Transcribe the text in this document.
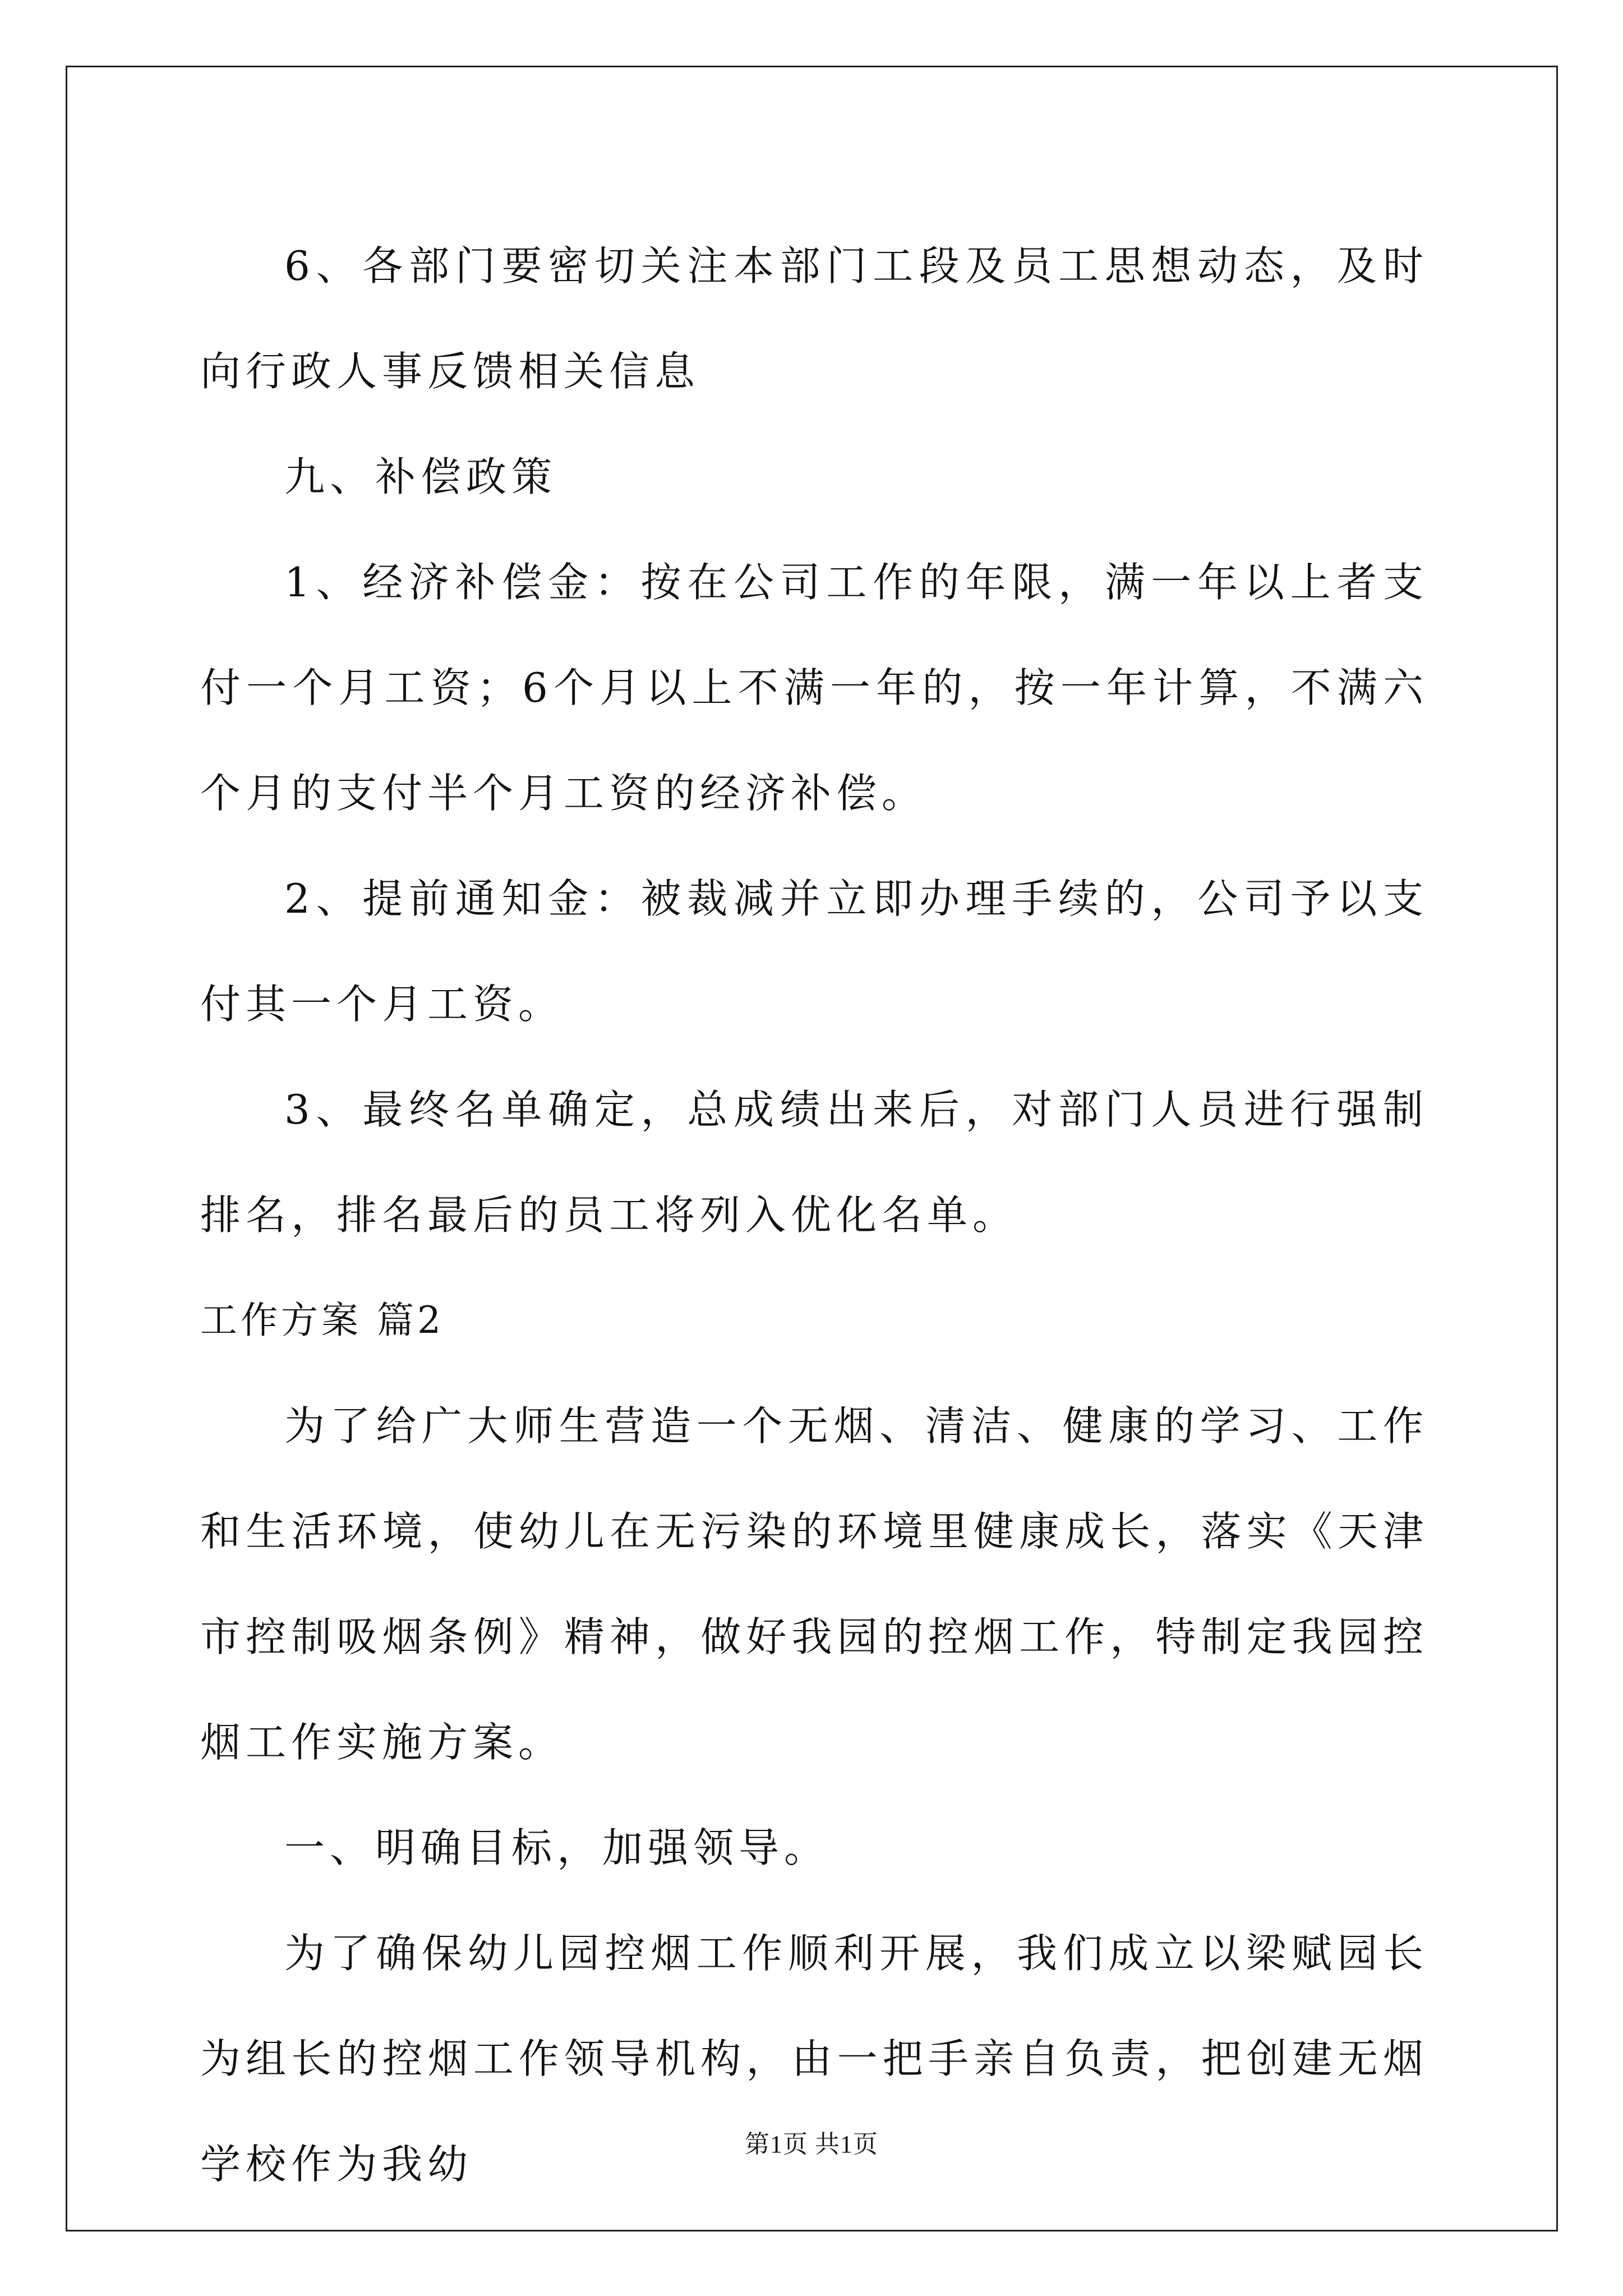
6、各部门要密切关注本部门工段及员工思想动态，及时向行政人事反馈相关信息

九、补偿政策

1、经济补偿金：按在公司工作的年限，满一年以上者支付一个月工资；6个月以上不满一年的，按一年计算，不满六个月的支付半个月工资的经济补偿。

2、提前通知金：被裁减并立即办理手续的，公司予以支付其一个月工资。

3、最终名单确定，总成绩出来后，对部门人员进行强制排名，排名最后的员工将列入优化名单。

工作方案 篇2

为了给广大师生营造一个无烟、清洁、健康的学习、工作和生活环境，使幼儿在无污染的环境里健康成长，落实《天津市控制吸烟条例》精神，做好我园的控烟工作，特制定我园控烟工作实施方案。

一、明确目标，加强领导。

为了确保幼儿园控烟工作顺利开展，我们成立以梁赋园长为组长的控烟工作领导机构，由一把手亲自负责，把创建无烟学校作为我幼	第1页 共1页
